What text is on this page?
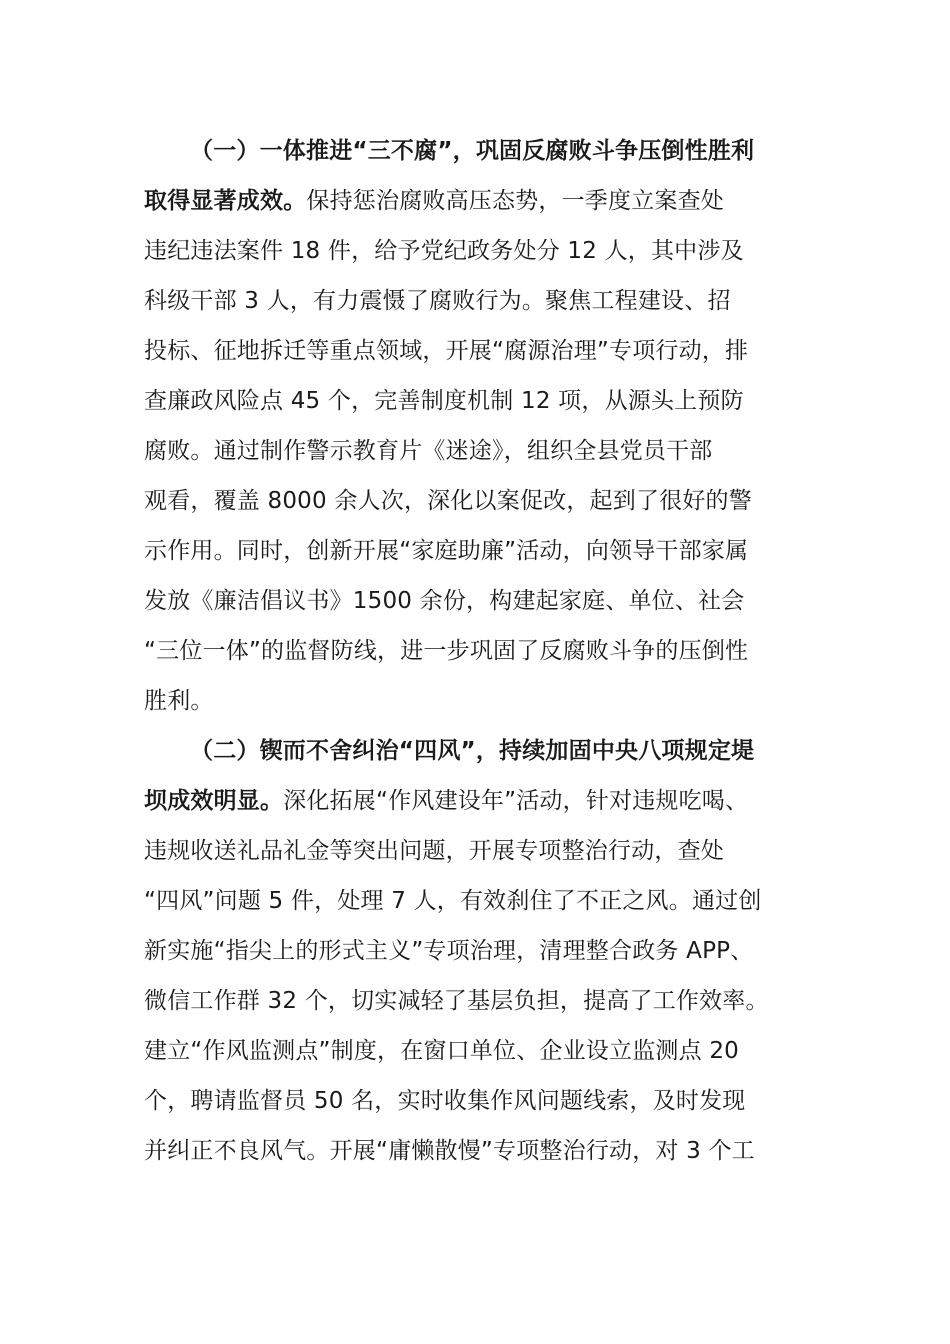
（一）一体推进“三不腐”，巩固反腐败斗争压倒性胜利
取得显著成效。保持惩治腐败高压态势，一季度立案查处
违纪违法案件 18 件，给予党纪政务处分 12 人，其中涉及
科级干部 3 人，有力震慑了腐败行为。聚焦工程建设、招
投标、征地拆迁等重点领域，开展“腐源治理”专项行动，排
查廉政风险点 45 个，完善制度机制 12 项，从源头上预防
腐败。通过制作警示教育片《迷途》，组织全县党员干部
观看，覆盖 8000 余人次，深化以案促改，起到了很好的警
示作用。同时，创新开展“家庭助廉”活动，向领导干部家属
发放《廉洁倡议书》1500 余份，构建起家庭、单位、社会
“三位一体”的监督防线，进一步巩固了反腐败斗争的压倒性
胜利。
（二）锲而不舍纠治“四风”，持续加固中央八项规定堤
坝成效明显。深化拓展“作风建设年”活动，针对违规吃喝、
违规收送礼品礼金等突出问题，开展专项整治行动，查处
“四风”问题 5 件，处理 7 人，有效刹住了不正之风。通过创
新实施“指尖上的形式主义”专项治理，清理整合政务 APP、
微信工作群 32 个，切实减轻了基层负担，提高了工作效率。
建立“作风监测点”制度，在窗口单位、企业设立监测点 20
个，聘请监督员 50 名，实时收集作风问题线索，及时发现
并纠正不良风气。开展“庸懒散慢”专项整治行动，对 3 个工
